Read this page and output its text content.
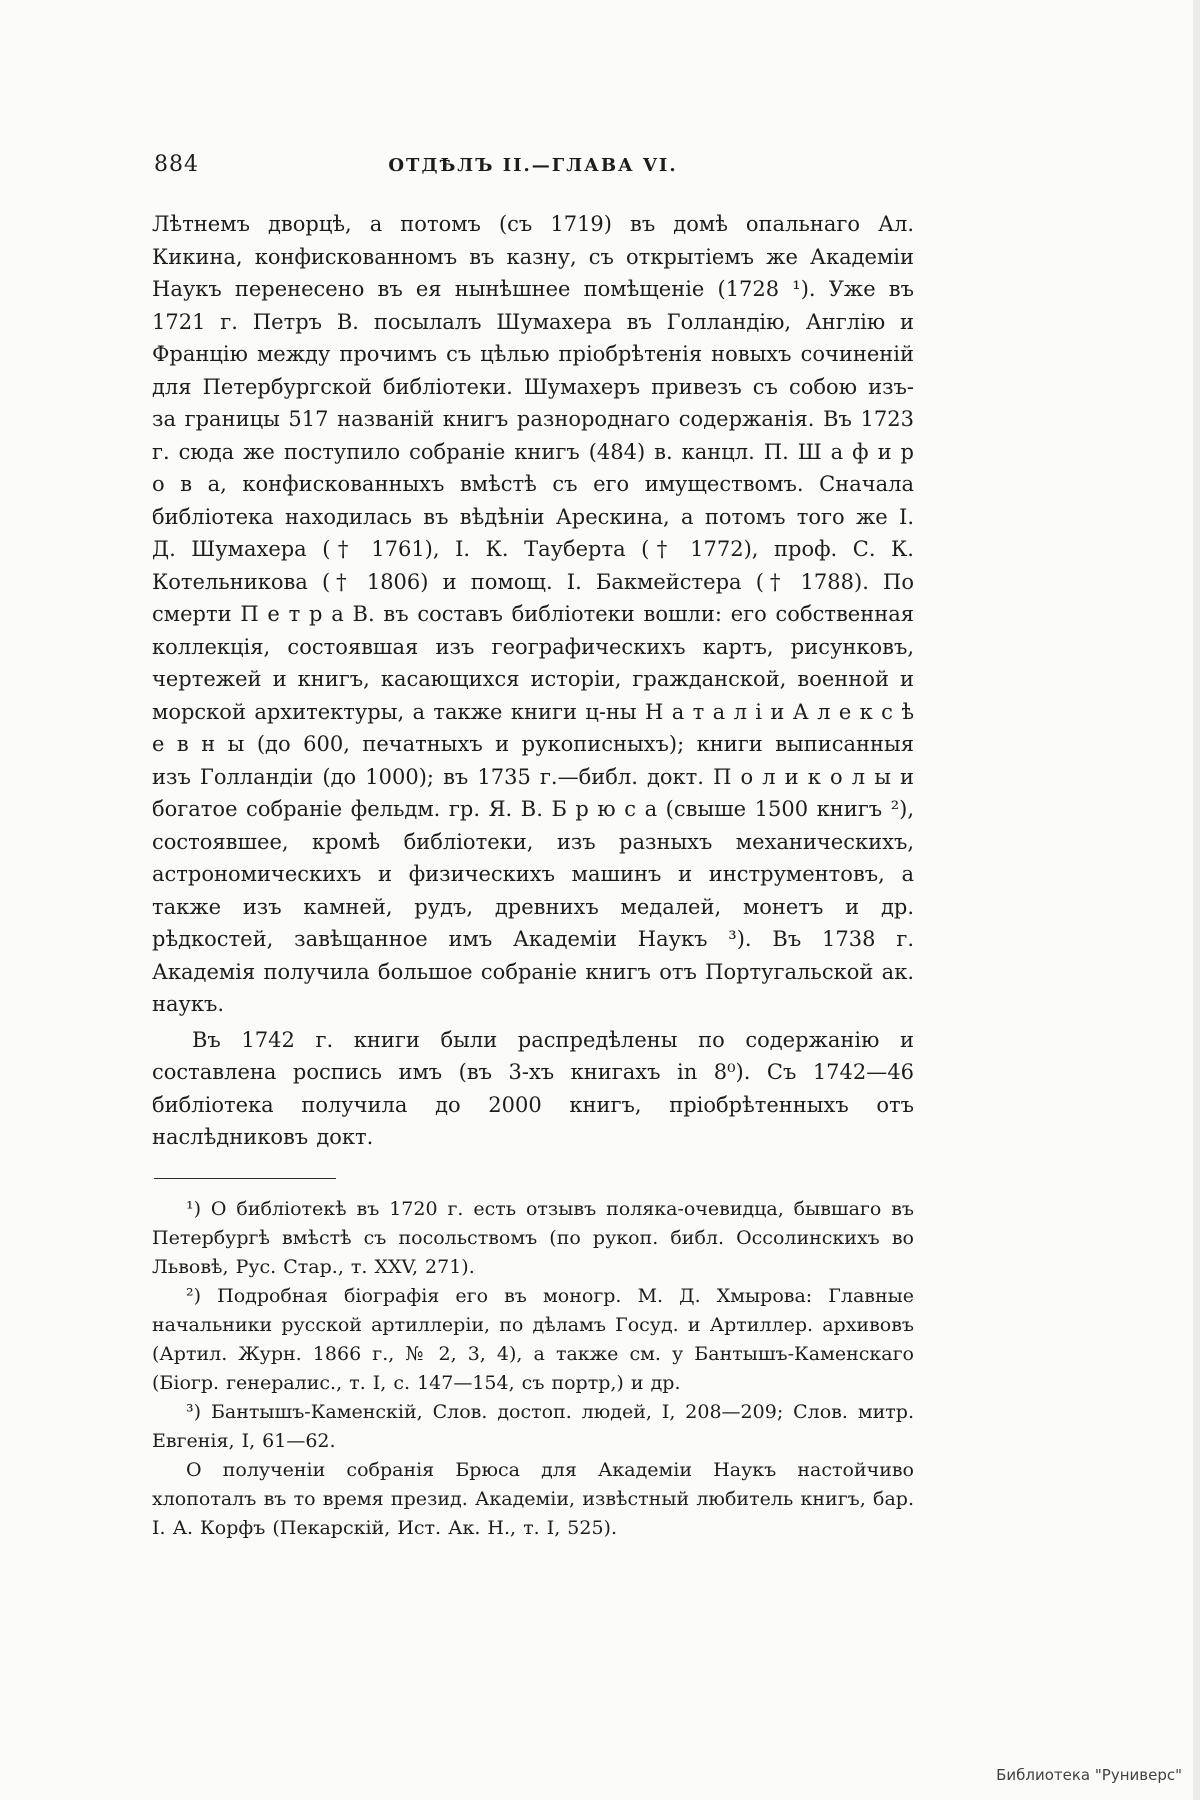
884	ОТДѢЛЪ II.—ГЛАВА VI.

Лѣтнемъ дворцѣ, а потомъ (съ 1719) въ домѣ опальнаго Ал. Кикина, конфискованномъ въ казну, съ открытіемъ же Академіи Наукъ перенесено въ ея нынѣшнее помѣщеніе (1728 ¹). Уже въ 1721 г. Петръ В. посылалъ Шумахера въ Голландію, Англію и Францію между прочимъ съ цѣлью пріобрѣтенія новыхъ сочиненій для Петербургской библіотеки. Шумахеръ привезъ съ собою изъ-за границы 517 названій книгъ разнороднаго содержанія. Въ 1723 г. сюда же поступило собраніе книгъ (484) в. канцл. П. Ш а ф и р о в а, конфискованныхъ вмѣстѣ съ его имуществомъ. Сначала библіотека находилась въ вѣдѣніи Арескина, а потомъ того же І. Д. Шумахера († 1761), І. К. Тауберта († 1772), проф. С. К. Котельникова († 1806) и помощ. І. Бакмейстера († 1788). По смерти П е т р а В. въ составъ библіотеки вошли: его собственная коллекція, состоявшая изъ географическихъ картъ, рисунковъ, чертежей и книгъ, касающихся исторіи, гражданской, военной и морской архитектуры, а также книги ц-ны Н а т а л і и А л е к с ѣ е в н ы (до 600, печатныхъ и рукописныхъ); книги выписанныя изъ Голландіи (до 1000); въ 1735 г.—библ. докт. П о л и к о л ы и богатое собраніе фельдм. гр. Я. В. Б р ю с а (свыше 1500 книгъ ²), состоявшее, кромѣ библіотеки, изъ разныхъ механическихъ, астрономическихъ и физическихъ машинъ и инструментовъ, а также изъ камней, рудъ, древнихъ медалей, монетъ и др. рѣдкостей, завѣщанное имъ Академіи Наукъ ³). Въ 1738 г. Академія получила большое собраніе книгъ отъ Португальской ак. наукъ.

Въ 1742 г. книги были распредѣлены по содержанію и составлена роспись имъ (въ 3-хъ книгахъ in 8⁰). Съ 1742—46 библіотека получила до 2000 книгъ, пріобрѣтенныхъ отъ наслѣдниковъ докт.

¹) О библіотекѣ въ 1720 г. есть отзывъ поляка-очевидца, бывшаго въ Петербургѣ вмѣстѣ съ посольствомъ (по рукоп. библ. Оссолинскихъ во Львовѣ, Рус. Стар., т. XXV, 271).

²) Подробная біографія его въ моногр. М. Д. Хмырова: Главные начальники русской артиллеріи, по дѣламъ Госуд. и Артиллер. архивовъ (Артил. Журн. 1866 г., № 2, 3, 4), а также см. у Бантышъ-Каменскаго (Біогр. генералис., т. I, с. 147—154, съ портр,) и др.

³) Бантышъ-Каменскій, Слов. достоп. людей, I, 208—209; Слов. митр. Евгенія, I, 61—62.

О полученіи собранія Брюса для Академіи Наукъ настойчиво хлопоталъ въ то время презид. Академіи, извѣстный любитель книгъ, бар. І. А. Корфъ (Пекарскій, Ист. Ак. Н., т. I, 525).

Библиотека "Руниверс"
